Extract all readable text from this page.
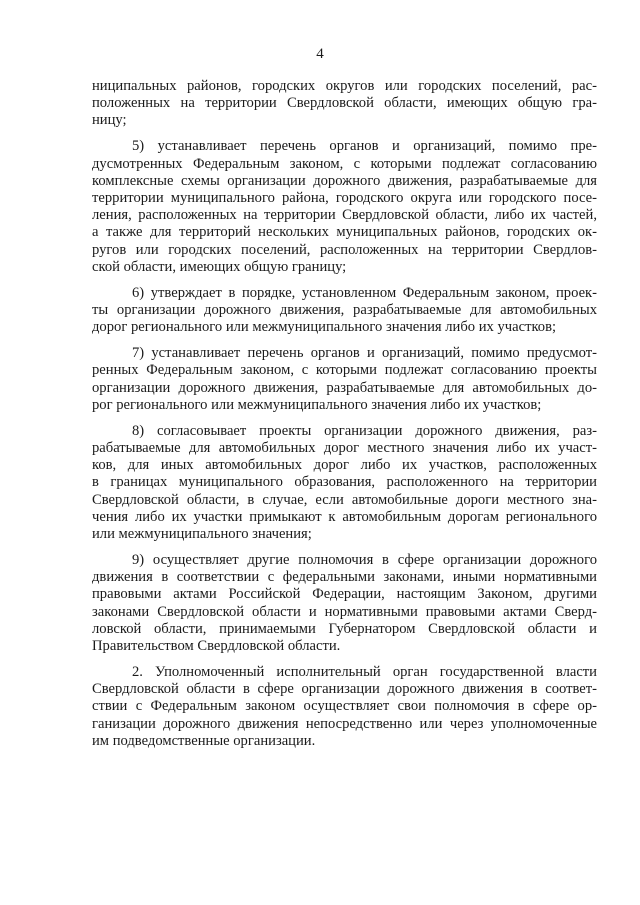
4
ниципальных районов, городских округов или городских поселений, рас-
положенных на территории Свердловской области, имеющих общую гра-
ницу;
5) устанавливает перечень органов и организаций, помимо пре-
дусмотренных Федеральным законом, с которыми подлежат согласованию
комплексные схемы организации дорожного движения, разрабатываемые для
территории муниципального района, городского округа или городского посе-
ления, расположенных на территории Свердловской области, либо их частей,
а также для территорий нескольких муниципальных районов, городских ок-
ругов или городских поселений, расположенных на территории Свердлов-
ской области, имеющих общую границу;
6) утверждает в порядке, установленном Федеральным законом, проек-
ты организации дорожного движения, разрабатываемые для автомобильных
дорог регионального или межмуниципального значения либо их участков;
7) устанавливает перечень органов и организаций, помимо предусмот-
ренных Федеральным законом, с которыми подлежат согласованию проекты
организации дорожного движения, разрабатываемые для автомобильных до-
рог регионального или межмуниципального значения либо их участков;
8) согласовывает проекты организации дорожного движения, раз-
рабатываемые для автомобильных дорог местного значения либо их участ-
ков, для иных автомобильных дорог либо их участков, расположенных
в границах муниципального образования, расположенного на территории
Свердловской области, в случае, если автомобильные дороги местного зна-
чения либо их участки примыкают к автомобильным дорогам регионального
или межмуниципального значения;
9) осуществляет другие полномочия в сфере организации дорожного
движения в соответствии с федеральными законами, иными нормативными
правовыми актами Российской Федерации, настоящим Законом, другими
законами Свердловской области и нормативными правовыми актами Сверд-
ловской области, принимаемыми Губернатором Свердловской области и
Правительством Свердловской области.
2. Уполномоченный исполнительный орган государственной власти
Свердловской области в сфере организации дорожного движения в соответ-
ствии с Федеральным законом осуществляет свои полномочия в сфере ор-
ганизации дорожного движения непосредственно или через уполномоченные
им подведомственные организации.
